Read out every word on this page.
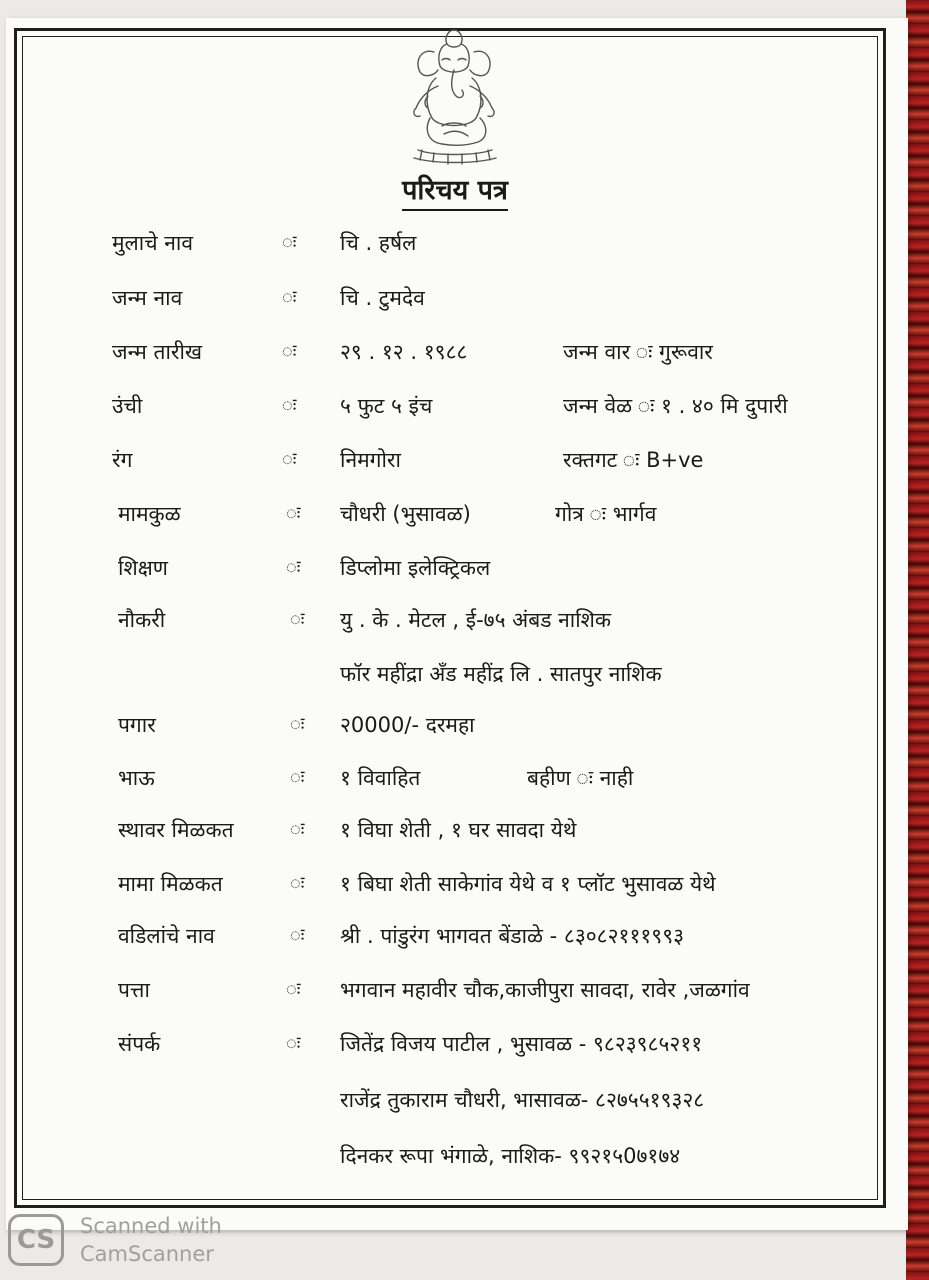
परिचय पत्र
मुलाचे नाव	ः चि . हर्षल
जन्म नाव	ः चि . टुमदेव
जन्म तारीख	ः २९ . १२ . १९८८	जन्म वार ः गुरूवार
उंची	ः ५ फुट ५ इंच	जन्म वेळ ः १ . ४० मि दुपारी
रंग	ः निमगोरा	रक्तगट ः B+ve
मामकुळ	ः चौधरी (भुसावळ)	गोत्र ः भार्गव
शिक्षण	ः डिप्लोमा इलेक्ट्रिकल
नौकरी	ः यु . के . मेटल , ई-७५ अंबड नाशिक
फॉर महींद्रा अँड महींद्र लि . सातपुर नाशिक
पगार	ः २0000/- दरमहा
भाऊ	ः १ विवाहित	बहीण ः नाही
स्थावर मिळकत	ः १ विघा शेती , १ घर सावदा येथे
मामा मिळकत	ः १ बिघा शेती साकेगांव येथे व १ प्लॉट भुसावळ येथे
वडिलांचे नाव	ः श्री . पांडुरंग भागवत बेंडाळे - ८३०८२१११९९३
पत्ता	ः भगवान महावीर चौक,काजीपुरा सावदा, रावेर ,जळगांव
संपर्क	ः जितेंद्र विजय पाटील , भुसावळ - ९८२३९८५२११
राजेंद्र तुकाराम चौधरी, भासावळ- ८२७५५१९३२८
दिनकर रूपा भंगाळे, नाशिक- ९९२१५0७१७४
CS	Scanned with
CamScanner
